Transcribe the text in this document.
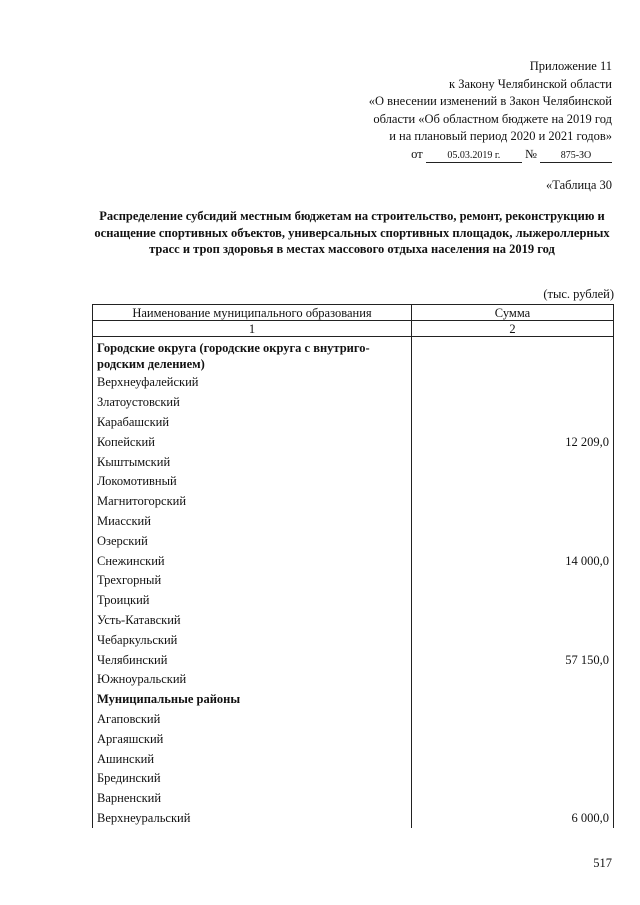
Приложение 11
к Закону Челябинской области
«О внесении изменений в Закон Челябинской
области «Об областном бюджете на 2019 год
и на плановый период 2020 и 2021 годов»
от 05.03.2019 г. № 875-ЗО
«Таблица 30
Распределение субсидий местным бюджетам на строительство, ремонт, реконструкцию и оснащение спортивных объектов, универсальных спортивных площадок, лыжероллерных трасс и троп здоровья в местах массового отдыха населения на 2019 год
(тыс. рублей)
Наименование муниципального образования	Сумма
1	2

Городские округа (городские округа с внутриго-
родским делением)	

Верхнеуфалейский	
Златоустовский	
Карабашский	
Копейский	12 209,0
Кыштымский	
Локомотивный	
Магнитогорский	
Миасский	
Озерский	
Снежинский	14 000,0
Трехгорный	
Троицкий	
Усть-Катавский	
Чебаркульский	
Челябинский	57 150,0
Южноуральский	
Муниципальные районы	
Агаповский	
Аргаяшский	
Ашинский	
Брединский	
Варненский	
Верхнеуральский	6 000,0
517
